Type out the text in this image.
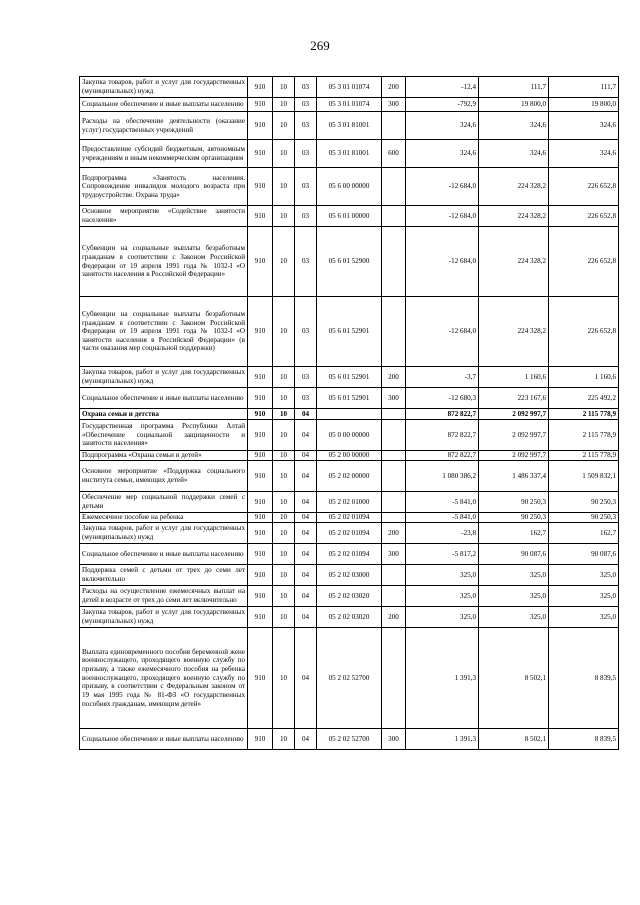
269
Закупка товаров, работ и услуг для государственных (муниципальных) нужд	910	10	03	05 3 01 01074	200	-12,4	111,7	111,7
Социальное обеспечение и иные выплаты населению	910	10	03	05 3 01 01074	300	-792,9	19 800,0	19 800,0
Расходы на обеспечение деятельности (оказание услуг) государственных учреждений	910	10	03	05 3 01 81001		324,6	324,6	324,6
Предоставление субсидий бюджетным, автономным учреждениям и иным некоммерческим организациям	910	10	03	05 3 01 81001	600	324,6	324,6	324,6
Подпрограмма «Занятость населения. Сопровождение инвалидов молодого возраста при трудоустройстве. Охрана труда»	910	10	03	05 6 00 00000		-12 684,0	224 328,2	226 652,8
Основное мероприятие «Содействие занятости населения»	910	10	03	05 6 01 00000		-12 684,0	224 328,2	226 652,8
Субвенции на социальные выплаты безработным гражданам в соответствии с Законом Российской Федерации от 19 апреля 1991 года № 1032-I «О занятости населения в Российской Федерации»	910	10	03	05 6 01 52900		-12 684,0	224 328,2	226 652,8
Субвенции на социальные выплаты безработным гражданам в соответствии с Законом Российской Федерации от 19 апреля 1991 года № 1032-I «О занятости населения в Российской Федерации» (в части оказания мер социальной поддержки)	910	10	03	05 6 01 52901		-12 684,0	224 328,2	226 652,8
Закупка товаров, работ и услуг для государственных (муниципальных) нужд	910	10	03	05 6 01 52901	200	-3,7	1 160,6	1 160,6
Социальное обеспечение и иные выплаты населению	910	10	03	05 6 01 52901	300	-12 680,3	223 167,6	225 492,2
Охрана семьи и детства	910	10	04			872 822,7	2 092 997,7	2 115 778,9
Государственная программа Республики Алтай «Обеспечение социальной защищенности и занятости населения»	910	10	04	05 0 00 00000		872 822,7	2 092 997,7	2 115 778,9
Подпрограмма «Охрана семьи и детей»	910	10	04	05 2 00 00000		872 822,7	2 092 997,7	2 115 778,9
Основное мероприятие «Поддержка социального института семьи, имеющих детей»	910	10	04	05 2 02 00000		1 080 386,2	1 486 337,4	1 509 832,1
Обеспечение мер социальной поддержки семей с детьми	910	10	04	05 2 02 01000		-5 841,0	90 250,3	90 250,3
Ежемесячное пособие на ребенка	910	10	04	05 2 02 01094		-5 841,0	90 250,3	90 250,3
Закупка товаров, работ и услуг для государственных (муниципальных) нужд	910	10	04	05 2 02 01094	200	-23,8	162,7	162,7
Социальное обеспечение и иные выплаты населению	910	10	04	05 2 02 01094	300	-5 817,2	90 087,6	90 087,6
Поддержка семей с детьми от трех до семи лет включительно	910	10	04	05 2 02 03000		325,0	325,0	325,0
Расходы на осуществление ежемесячных выплат на детей в возрасте от трех до семи лет включительно	910	10	04	05 2 02 03020		325,0	325,0	325,0
Закупка товаров, работ и услуг для государственных (муниципальных) нужд	910	10	04	05 2 02 03020	200	325,0	325,0	325,0
Выплата единовременного пособия беременной жене военнослужащего, проходящего военную службу по призыву, а также ежемесячного пособия на ребенка военнослужащего, проходящего военную службу по призыву, в соответствии с Федеральным законом от 19 мая 1995 года № 81-ФЗ «О государственных пособиях гражданам, имеющим детей»	910	10	04	05 2 02 52700		1 391,3	8 502,1	8 839,5
Социальное обеспечение и иные выплаты населению	910	10	04	05 2 02 52700	300	1 391,3	8 502,1	8 839,5
